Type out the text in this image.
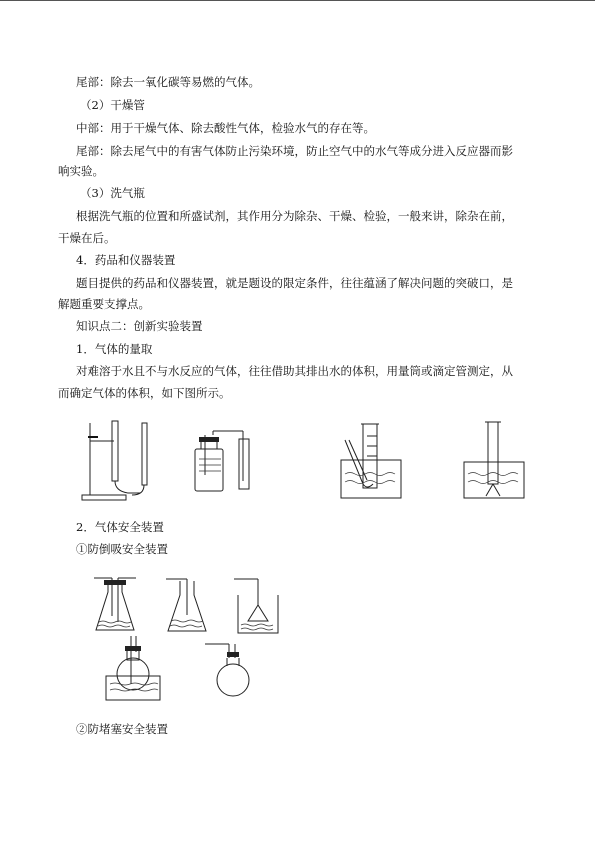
尾部：除去一氧化碳等易燃的气体。
（2）干燥管
中部：用于干燥气体、除去酸性气体，检验水气的存在等。
尾部：除去尾气中的有害气体防止污染环境，防止空气中的水气等成分进入反应器而影
响实验。
（3）洗气瓶
根据洗气瓶的位置和所盛试剂，其作用分为除杂、干燥、检验，一般来讲，除杂在前，
干燥在后。
4．药品和仪器装置
题目提供的药品和仪器装置，就是题设的限定条件，往往蕴涵了解决问题的突破口，是
解题重要支撑点。
知识点二：创新实验装置
1．气体的量取
对难溶于水且不与水反应的气体，往往借助其排出水的体积，用量筒或滴定管测定，从
而确定气体的体积，如下图所示。
2．气体安全装置
①防倒吸安全装置
②防堵塞安全装置
